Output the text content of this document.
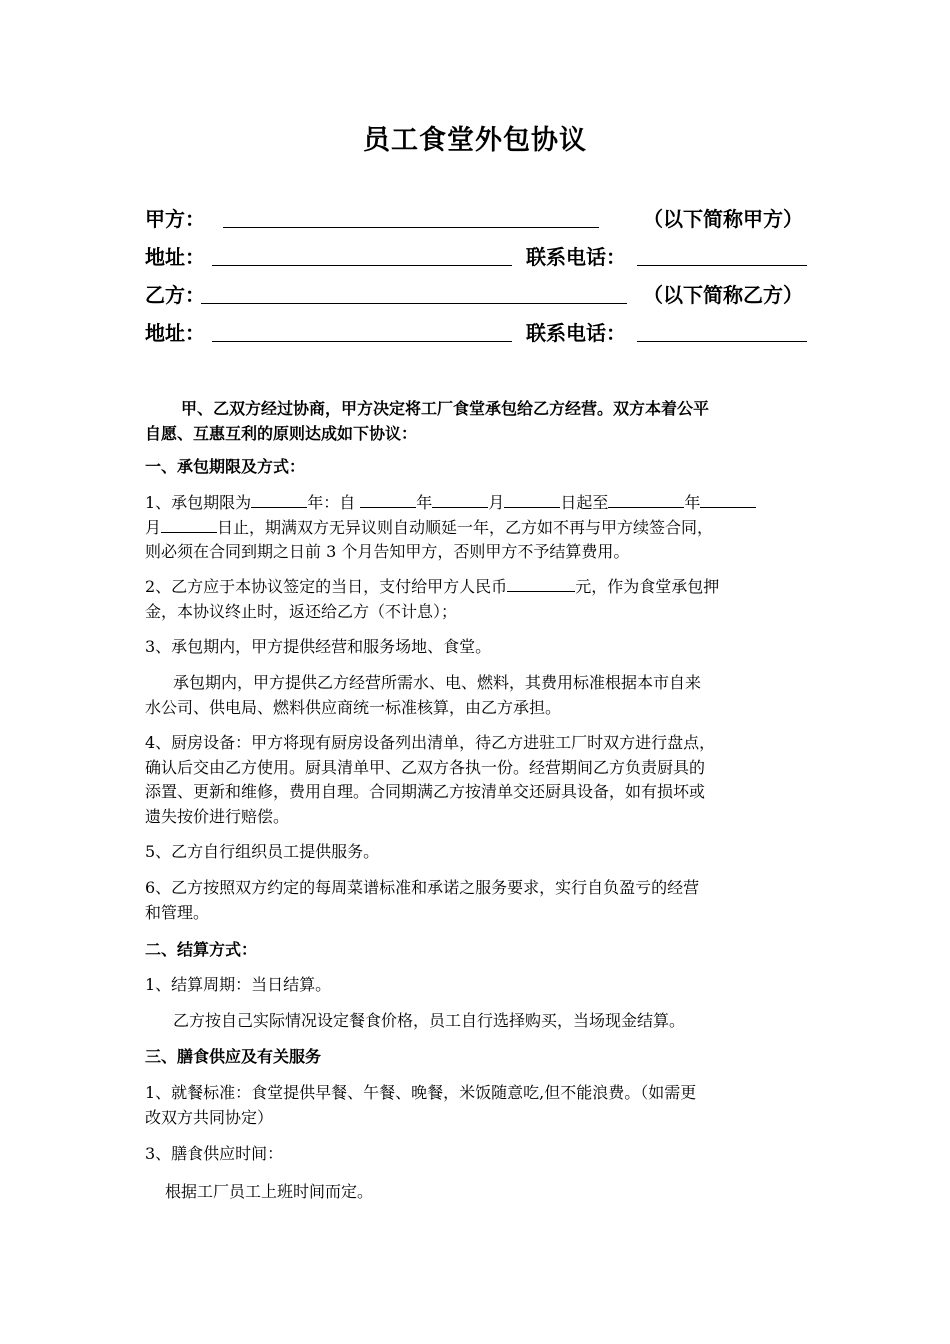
员工食堂外包协议
甲方：	（以下简称甲方）
地址：	联系电话：
乙方：	（以下简称乙方）
地址：	联系电话：
甲、乙双方经过协商，甲方决定将工厂食堂承包给乙方经营。双方本着公平
自愿、互惠互利的原则达成如下协议：
一、承包期限及方式：
1、承包期限为	年：自	年	月	日起至	年
月	日止，期满双方无异议则自动顺延一年，乙方如不再与甲方续签合同，
则必须在合同到期之日前 3 个月告知甲方，否则甲方不予结算费用。
2、乙方应于本协议签定的当日，支付给甲方人民币	元，作为食堂承包押
金，本协议终止时，返还给乙方（不计息）；
3、承包期内，甲方提供经营和服务场地、食堂。
承包期内，甲方提供乙方经营所需水、电、燃料，其费用标准根据本市自来
水公司、供电局、燃料供应商统一标准核算，由乙方承担。
4、厨房设备：甲方将现有厨房设备列出清单，待乙方进驻工厂时双方进行盘点，
确认后交由乙方使用。厨具清单甲、乙双方各执一份。经营期间乙方负责厨具的
添置、更新和维修，费用自理。合同期满乙方按清单交还厨具设备，如有损坏或
遗失按价进行赔偿。
5、乙方自行组织员工提供服务。
6、乙方按照双方约定的每周菜谱标准和承诺之服务要求，实行自负盈亏的经营
和管理。
二、结算方式：
1、结算周期：当日结算。
乙方按自己实际情况设定餐食价格，员工自行选择购买，当场现金结算。
三、膳食供应及有关服务
1、就餐标准：食堂提供早餐、午餐、晚餐，米饭随意吃,但不能浪费。（如需更
改双方共同协定）
3、膳食供应时间：
根据工厂员工上班时间而定。
